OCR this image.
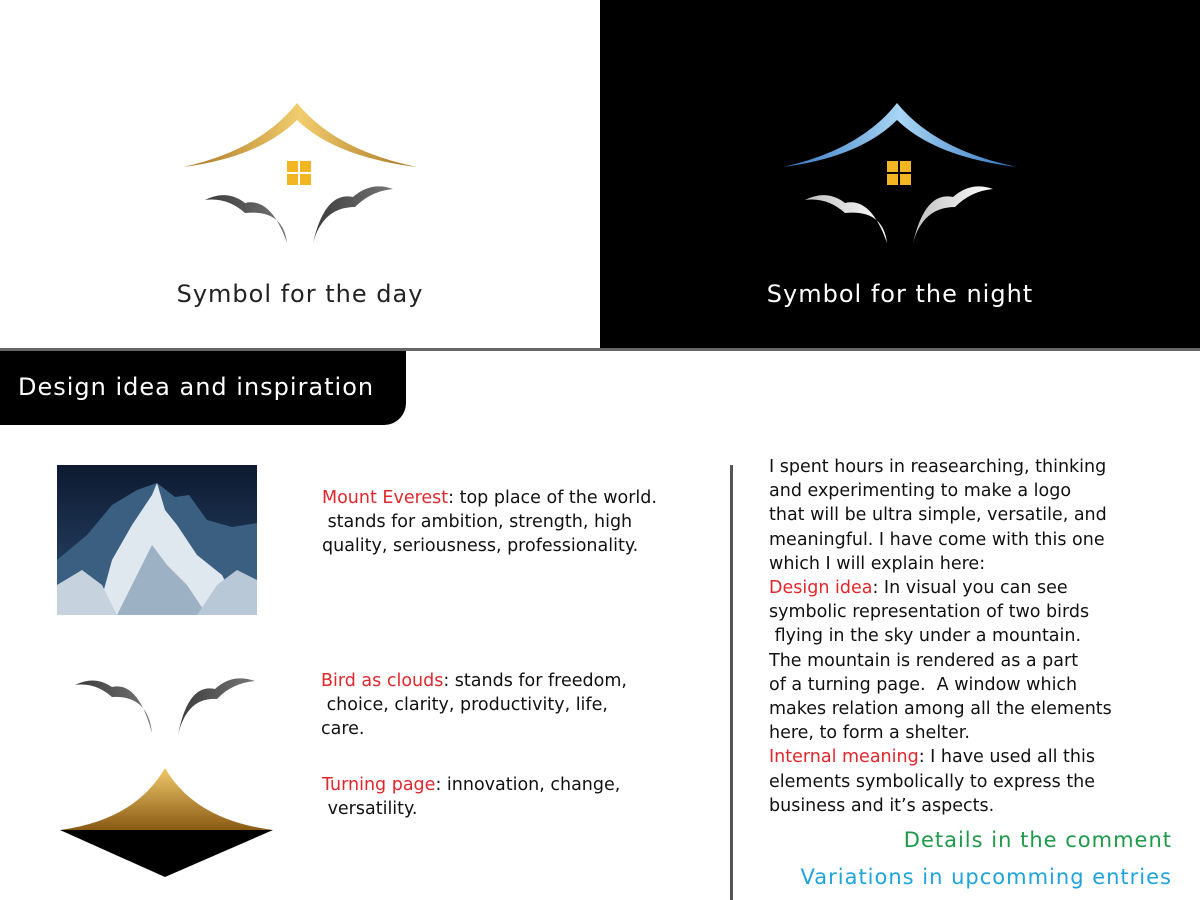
Symbol for the day	Symbol for the night
Design idea and inspiration
Mount Everest: top place of the world.
stands for ambition, strength, high
quality, seriousness, professionality.
Bird as clouds: stands for freedom,
choice, clarity, productivity, life,
care.
Turning page: innovation, change,
versatility.
I spent hours in reasearching, thinking
and experimenting to make a logo
that will be ultra simple, versatile, and
meaningful. I have come with this one
which I will explain here:
Design idea: In visual you can see
symbolic representation of two birds
flying in the sky under a mountain.
The mountain is rendered as a part
of a turning page.  A window which
makes relation among all the elements
here, to form a shelter.
Internal meaning: I have used all this
elements symbolically to express the
business and it’s aspects.
Details in the comment
Variations in upcomming entries
